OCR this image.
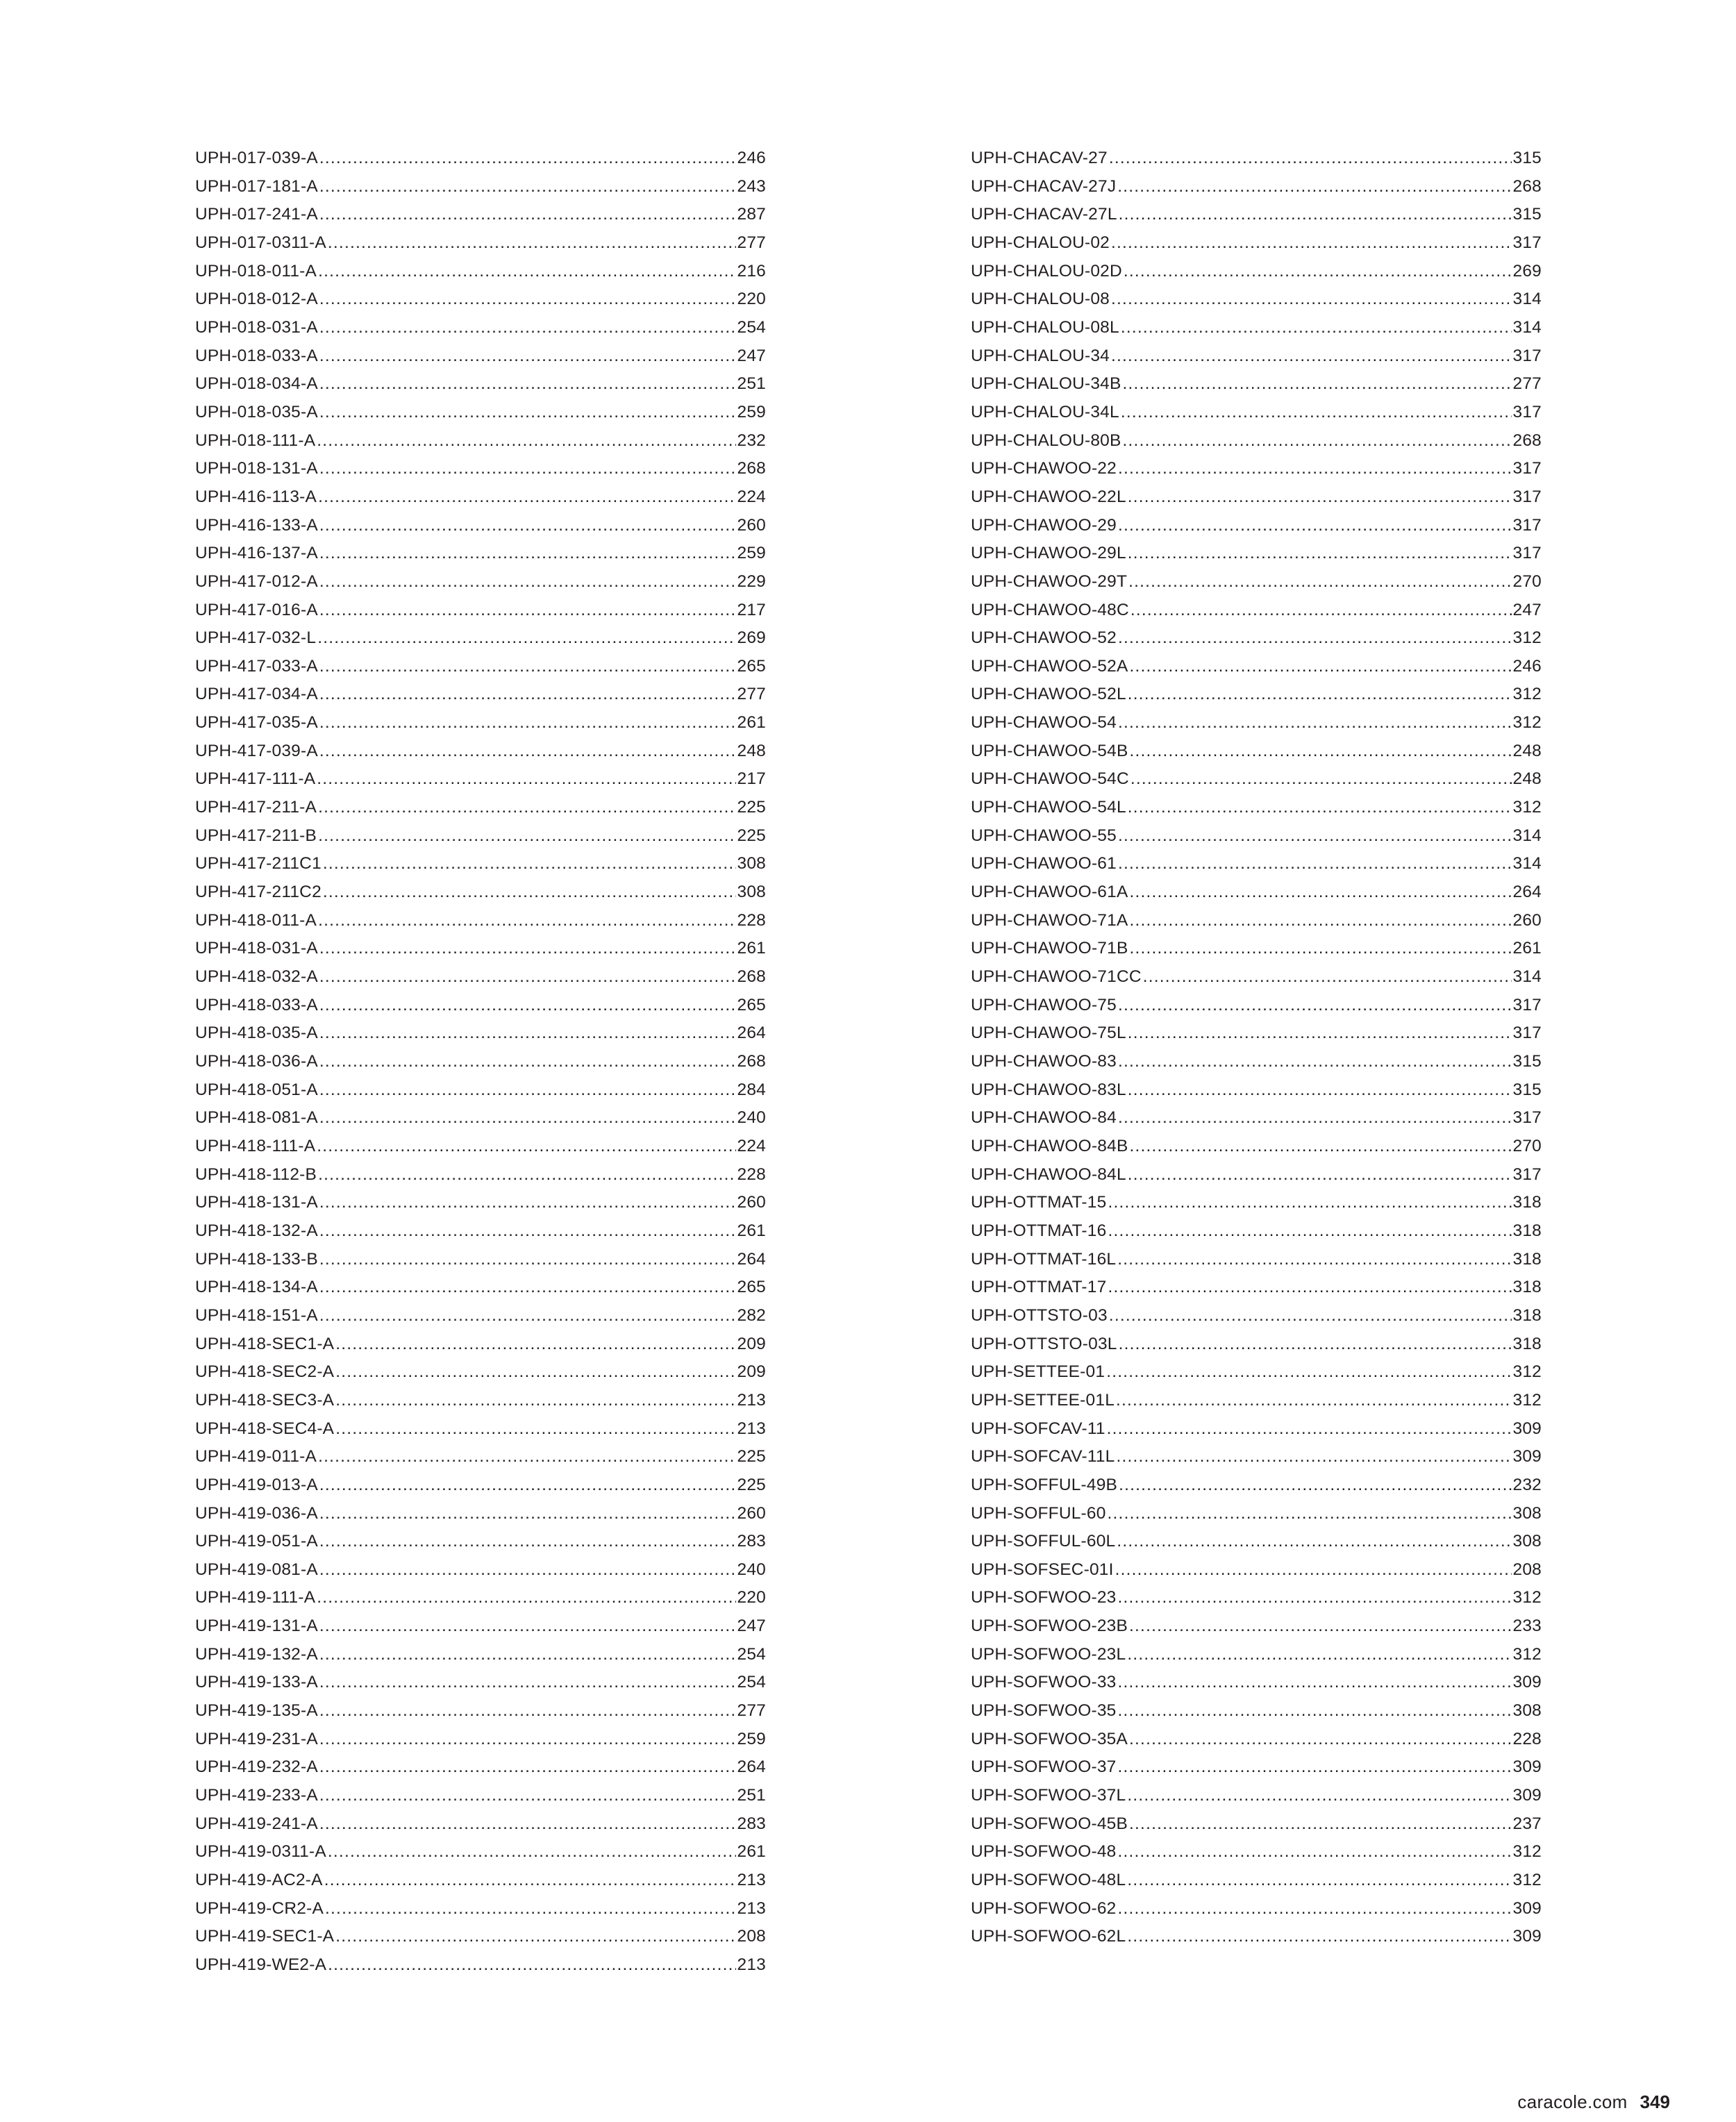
UPH-017-039-A .....	246
UPH-017-181-A .....	243
UPH-017-241-A .....	287
UPH-017-0311-A .....	277
UPH-018-011-A .....	216
UPH-018-012-A .....	220
UPH-018-031-A .....	254
UPH-018-033-A .....	247
UPH-018-034-A .....	251
UPH-018-035-A .....	259
UPH-018-111-A .....	232
UPH-018-131-A .....	268
UPH-416-113-A .....	224
UPH-416-133-A .....	260
UPH-416-137-A .....	259
UPH-417-012-A .....	229
UPH-417-016-A .....	217
UPH-417-032-L .....	269
UPH-417-033-A .....	265
UPH-417-034-A .....	277
UPH-417-035-A .....	261
UPH-417-039-A .....	248
UPH-417-111-A .....	217
UPH-417-211-A .....	225
UPH-417-211-B .....	225
UPH-417-211C1 .....	308
UPH-417-211C2 .....	308
UPH-418-011-A .....	228
UPH-418-031-A .....	261
UPH-418-032-A .....	268
UPH-418-033-A .....	265
UPH-418-035-A .....	264
UPH-418-036-A .....	268
UPH-418-051-A .....	284
UPH-418-081-A .....	240
UPH-418-111-A .....	224
UPH-418-112-B .....	228
UPH-418-131-A .....	260
UPH-418-132-A .....	261
UPH-418-133-B .....	264
UPH-418-134-A .....	265
UPH-418-151-A .....	282
UPH-418-SEC1-A .....	209
UPH-418-SEC2-A .....	209
UPH-418-SEC3-A .....	213
UPH-418-SEC4-A .....	213
UPH-419-011-A .....	225
UPH-419-013-A .....	225
UPH-419-036-A .....	260
UPH-419-051-A .....	283
UPH-419-081-A .....	240
UPH-419-111-A .....	220
UPH-419-131-A .....	247
UPH-419-132-A .....	254
UPH-419-133-A .....	254
UPH-419-135-A .....	277
UPH-419-231-A .....	259
UPH-419-232-A .....	264
UPH-419-233-A .....	251
UPH-419-241-A .....	283
UPH-419-0311-A .....	261
UPH-419-AC2-A .....	213
UPH-419-CR2-A .....	213
UPH-419-SEC1-A .....	208
UPH-419-WE2-A .....	213
UPH-CHACAV-27 .....	315
UPH-CHACAV-27J .....	268
UPH-CHACAV-27L .....	315
UPH-CHALOU-02 .....	317
UPH-CHALOU-02D .....	269
UPH-CHALOU-08 .....	314
UPH-CHALOU-08L .....	314
UPH-CHALOU-34 .....	317
UPH-CHALOU-34B .....	277
UPH-CHALOU-34L .....	317
UPH-CHALOU-80B .....	268
UPH-CHAWOO-22 .....	317
UPH-CHAWOO-22L .....	317
UPH-CHAWOO-29 .....	317
UPH-CHAWOO-29L .....	317
UPH-CHAWOO-29T .....	270
UPH-CHAWOO-48C .....	247
UPH-CHAWOO-52 .....	312
UPH-CHAWOO-52A .....	246
UPH-CHAWOO-52L .....	312
UPH-CHAWOO-54 .....	312
UPH-CHAWOO-54B .....	248
UPH-CHAWOO-54C .....	248
UPH-CHAWOO-54L .....	312
UPH-CHAWOO-55 .....	314
UPH-CHAWOO-61 .....	314
UPH-CHAWOO-61A .....	264
UPH-CHAWOO-71A .....	260
UPH-CHAWOO-71B .....	261
UPH-CHAWOO-71CC .....	314
UPH-CHAWOO-75 .....	317
UPH-CHAWOO-75L .....	317
UPH-CHAWOO-83 .....	315
UPH-CHAWOO-83L .....	315
UPH-CHAWOO-84 .....	317
UPH-CHAWOO-84B .....	270
UPH-CHAWOO-84L .....	317
UPH-OTTMAT-15 .....	318
UPH-OTTMAT-16 .....	318
UPH-OTTMAT-16L .....	318
UPH-OTTMAT-17 .....	318
UPH-OTTSTO-03 .....	318
UPH-OTTSTO-03L .....	318
UPH-SETTEE-01 .....	312
UPH-SETTEE-01L .....	312
UPH-SOFCAV-11 .....	309
UPH-SOFCAV-11L .....	309
UPH-SOFFUL-49B .....	232
UPH-SOFFUL-60 .....	308
UPH-SOFFUL-60L .....	308
UPH-SOFSEC-01I .....	208
UPH-SOFWOO-23 .....	312
UPH-SOFWOO-23B .....	233
UPH-SOFWOO-23L .....	312
UPH-SOFWOO-33 .....	309
UPH-SOFWOO-35 .....	308
UPH-SOFWOO-35A .....	228
UPH-SOFWOO-37 .....	309
UPH-SOFWOO-37L .....	309
UPH-SOFWOO-45B .....	237
UPH-SOFWOO-48 .....	312
UPH-SOFWOO-48L .....	312
UPH-SOFWOO-62 .....	309
UPH-SOFWOO-62L .....	309
caracole.com 349
